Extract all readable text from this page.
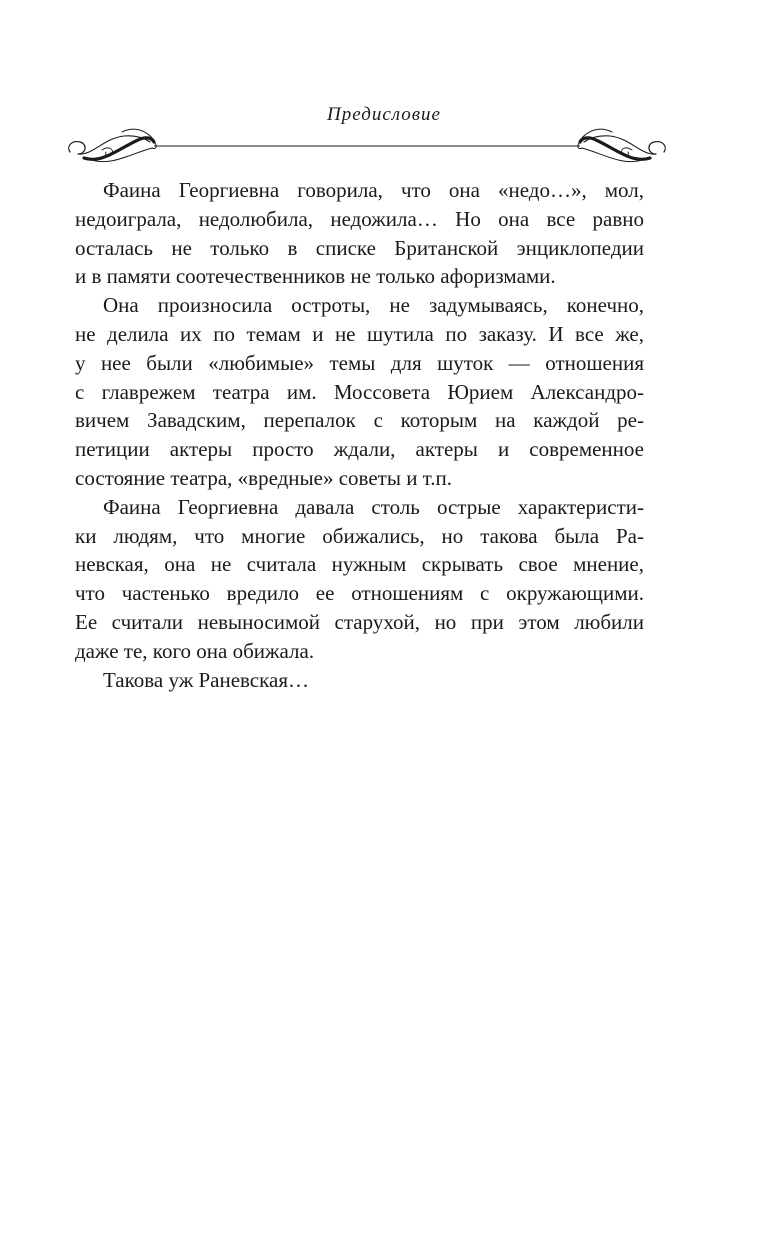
Предисловие
Фаина Георгиевна говорила, что она «недо…», мол,
недоиграла, недолюбила, недожила… Но она все равно
осталась не только в списке Британской энциклопедии
и в памяти соотечественников не только афоризмами.
Она произносила остроты, не задумываясь, конечно,
не делила их по темам и не шутила по заказу. И все же,
у нее были «любимые» темы для шуток — отношения
с главрежем театра им. Моссовета Юрием Александро-
вичем Завадским, перепалок с которым на каждой ре-
петиции актеры просто ждали, актеры и современное
состояние театра, «вредные» советы и т.п.
Фаина Георгиевна давала столь острые характеристи-
ки людям, что многие обижались, но такова была Ра-
невская, она не считала нужным скрывать свое мнение,
что частенько вредило ее отношениям с окружающими.
Ее считали невыносимой старухой, но при этом любили
даже те, кого она обижала.
Такова уж Раневская…
